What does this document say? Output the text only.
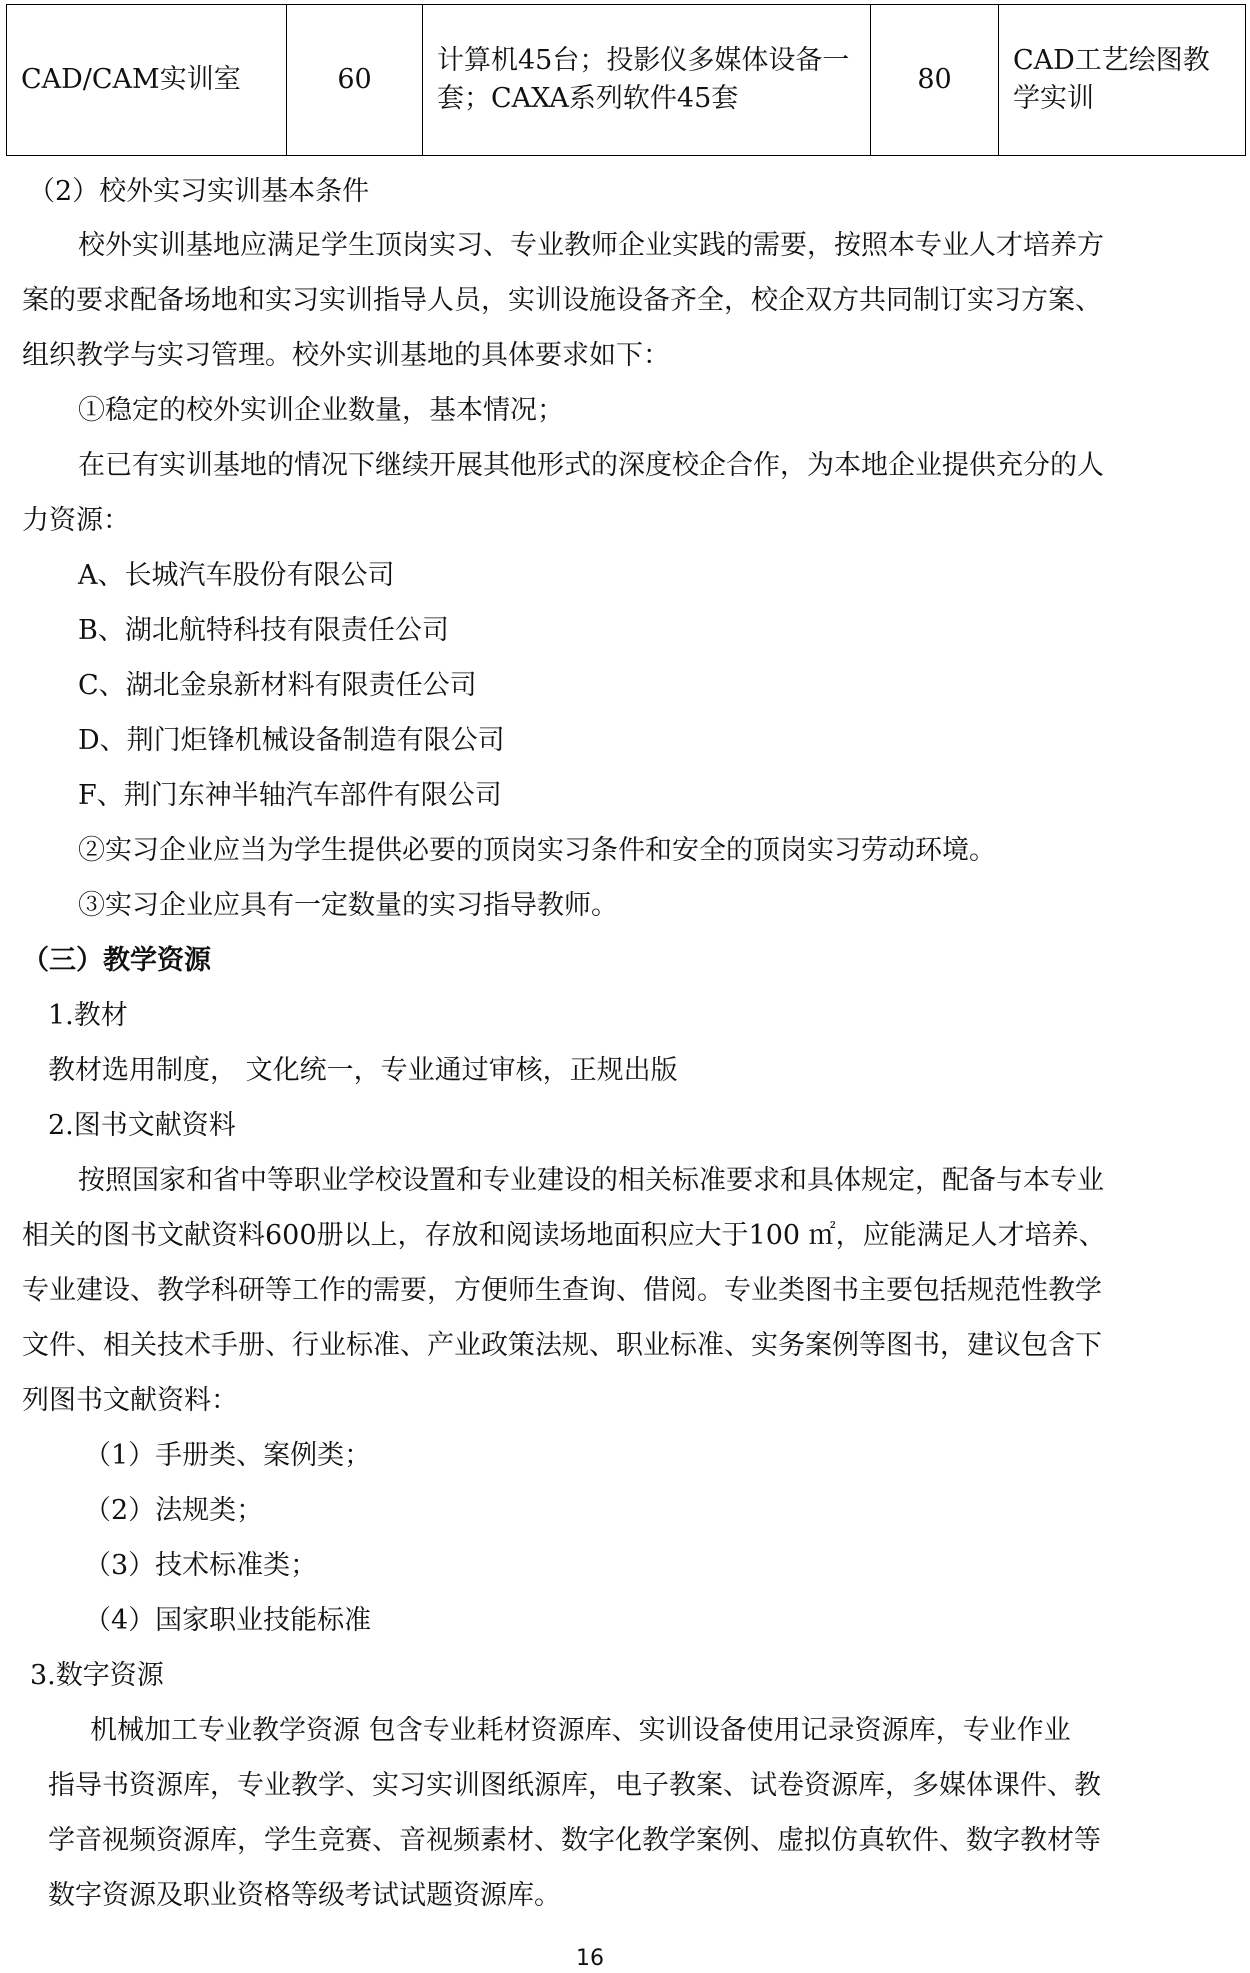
CAD/CAM实训室	60	计算机45台；投影仪多媒体设备一套；CAXA系列软件45套	80	CAD工艺绘图教学实训
（2）校外实习实训基本条件
校外实训基地应满足学生顶岗实习、专业教师企业实践的需要，按照本专业人才培养方
案的要求配备场地和实习实训指导人员，实训设施设备齐全，校企双方共同制订实习方案、
组织教学与实习管理。校外实训基地的具体要求如下：
①稳定的校外实训企业数量，基本情况；
在已有实训基地的情况下继续开展其他形式的深度校企合作，为本地企业提供充分的人
力资源：
A、长城汽车股份有限公司
B、湖北航特科技有限责任公司
C、湖北金泉新材料有限责任公司
D、荆门炬锋机械设备制造有限公司
F、荆门东神半轴汽车部件有限公司
②实习企业应当为学生提供必要的顶岗实习条件和安全的顶岗实习劳动环境。
③实习企业应具有一定数量的实习指导教师。
（三）教学资源
1.教材
教材选用制度， 文化统一，专业通过审核，正规出版
2.图书文献资料
按照国家和省中等职业学校设置和专业建设的相关标准要求和具体规定，配备与本专业
相关的图书文献资料600册以上，存放和阅读场地面积应大于100 ㎡，应能满足人才培养、
专业建设、教学科研等工作的需要，方便师生查询、借阅。专业类图书主要包括规范性教学
文件、相关技术手册、行业标准、产业政策法规、职业标准、实务案例等图书，建议包含下
列图书文献资料：
（1）手册类、案例类；
（2）法规类；
（3）技术标准类；
（4）国家职业技能标准
3.数字资源
机械加工专业教学资源 包含专业耗材资源库、实训设备使用记录资源库，专业作业
指导书资源库，专业教学、实习实训图纸源库，电子教案、试卷资源库，多媒体课件、教
学音视频资源库，学生竞赛、音视频素材、数字化教学案例、虚拟仿真软件、数字教材等
数字资源及职业资格等级考试试题资源库。
16
